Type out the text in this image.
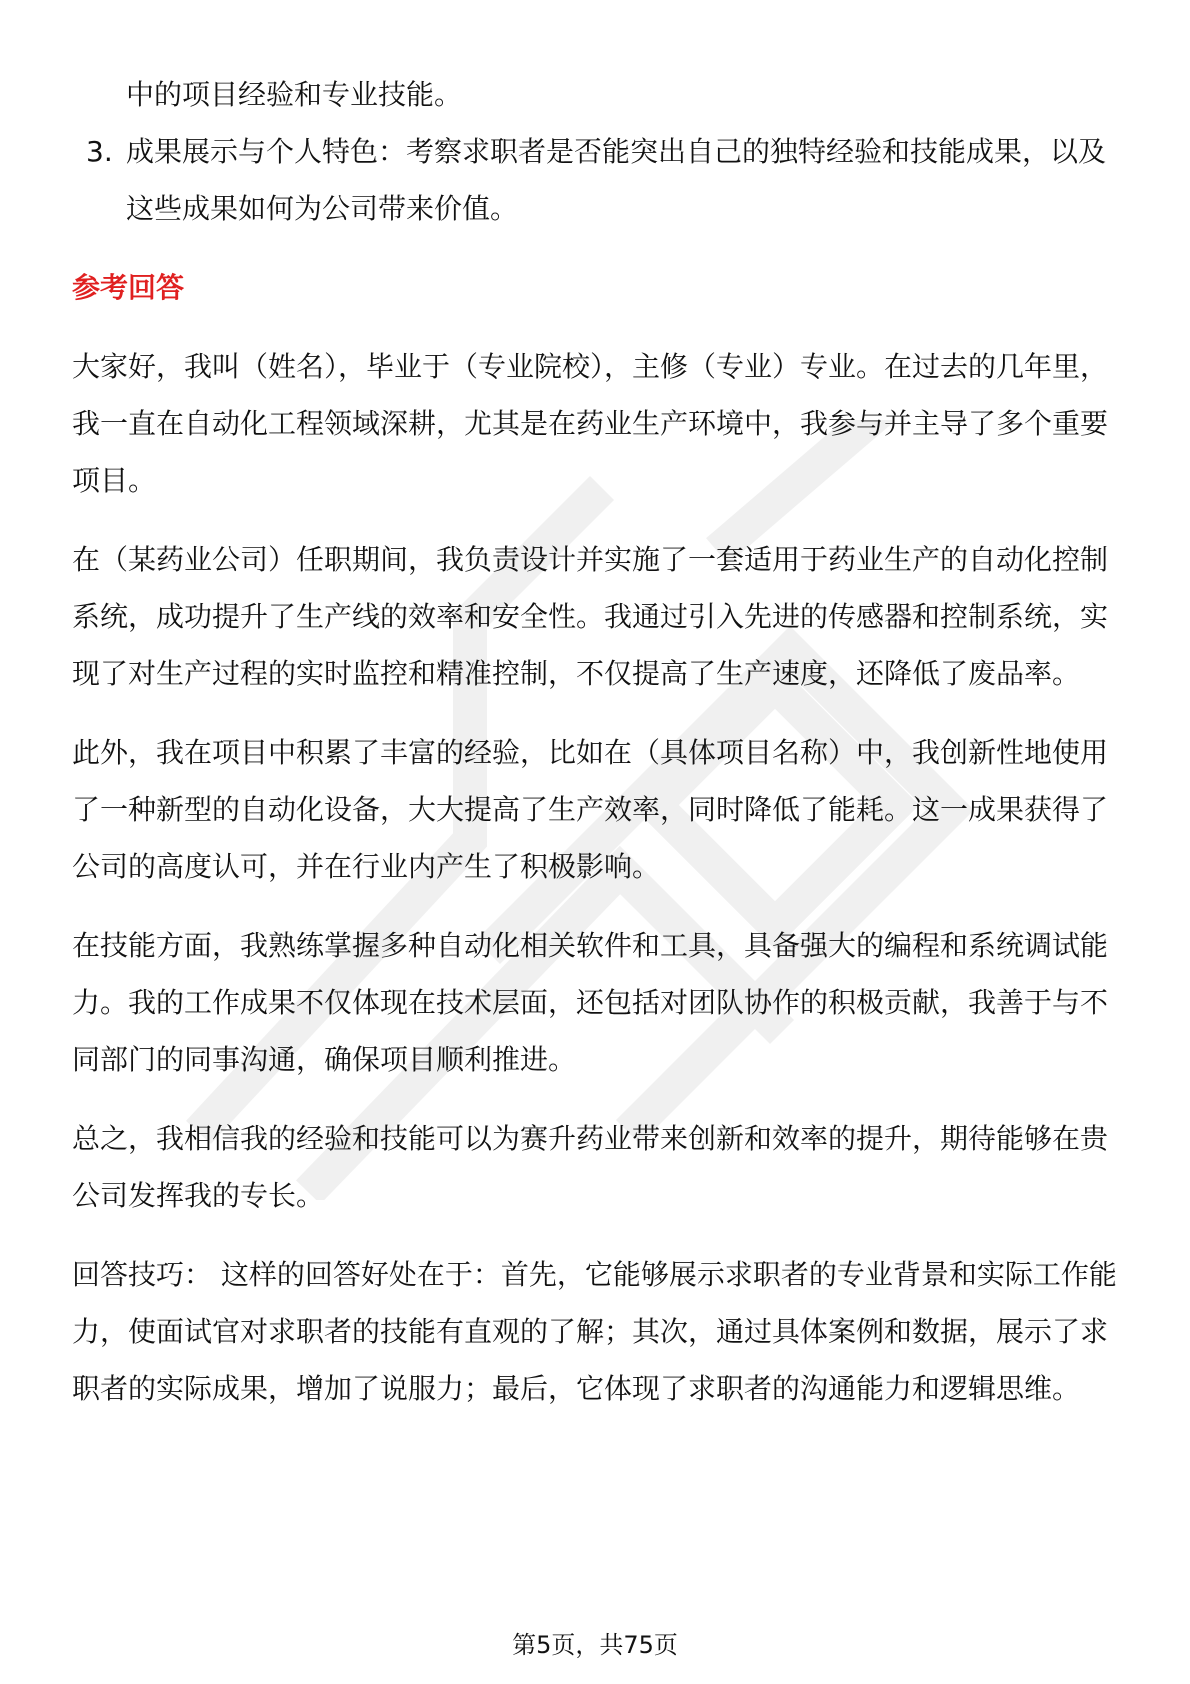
中的项目经验和专业技能。

3. 成果展示与个人特色：考察求职者是否能突出自己的独特经验和技能成果，以及这些成果如何为公司带来价值。

参考回答

大家好，我叫（姓名），毕业于（专业院校），主修（专业）专业。在过去的几年里，我一直在自动化工程领域深耕，尤其是在药业生产环境中，我参与并主导了多个重要项目。

在（某药业公司）任职期间，我负责设计并实施了一套适用于药业生产的自动化控制系统，成功提升了生产线的效率和安全性。我通过引入先进的传感器和控制系统，实现了对生产过程的实时监控和精准控制，不仅提高了生产速度，还降低了废品率。

此外，我在项目中积累了丰富的经验，比如在（具体项目名称）中，我创新性地使用了一种新型的自动化设备，大大提高了生产效率，同时降低了能耗。这一成果获得了公司的高度认可，并在行业内产生了积极影响。

在技能方面，我熟练掌握多种自动化相关软件和工具，具备强大的编程和系统调试能力。我的工作成果不仅体现在技术层面，还包括对团队协作的积极贡献，我善于与不同部门的同事沟通，确保项目顺利推进。

总之，我相信我的经验和技能可以为赛升药业带来创新和效率的提升，期待能够在贵公司发挥我的专长。

回答技巧： 这样的回答好处在于：首先，它能够展示求职者的专业背景和实际工作能力，使面试官对求职者的技能有直观的了解；其次，通过具体案例和数据，展示了求职者的实际成果，增加了说服力；最后，它体现了求职者的沟通能力和逻辑思维。

第5页，共75页
